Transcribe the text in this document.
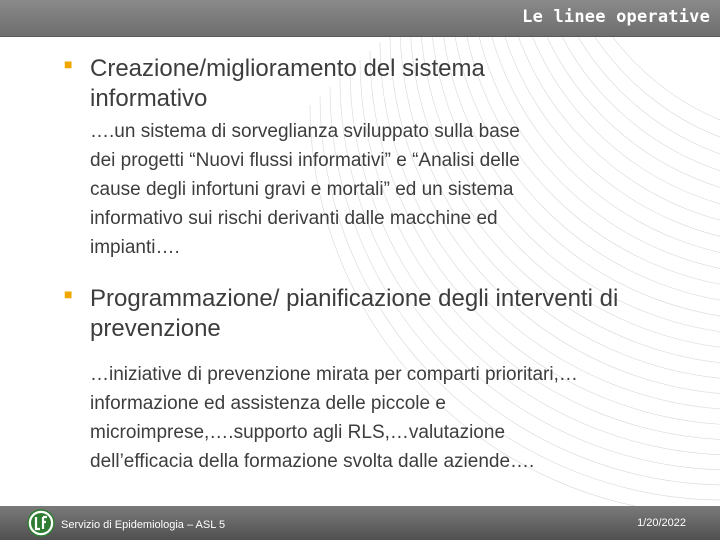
Le linee operative
■ Creazione/miglioramento del sistema
informativo
….un sistema di sorveglianza sviluppato sulla base
dei progetti “Nuovi flussi informativi” e “Analisi delle
cause degli infortuni gravi e mortali” ed un sistema
informativo sui rischi derivanti dalle macchine ed
impianti….
■ Programmazione/ pianificazione degli interventi di
prevenzione
…iniziative di prevenzione mirata per comparti prioritari,…
informazione ed assistenza delle piccole e
microimprese,….supporto agli RLS,…valutazione
dell’efficacia della formazione svolta dalle aziende….
Servizio di Epidemiologia – ASL 5	1/20/2022
